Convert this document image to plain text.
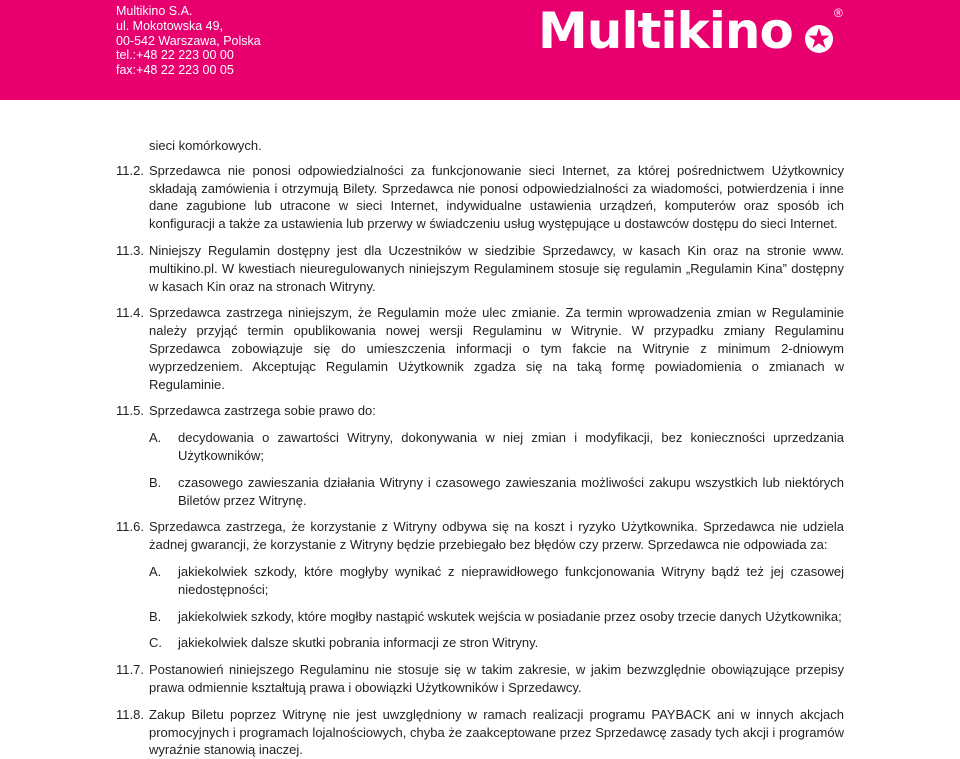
Multikino S.A.
ul. Mokotowska 49,
00-542 Warszawa, Polska
tel.:+48 22 223 00 00
fax:+48 22 223 00 05
Multikino	®

sieci komórkowych.

11.2. Sprzedawca nie ponosi odpowiedzialności za funkcjonowanie sieci Internet, za której pośrednictwem Użytkownicy składają zamówienia i otrzymują Bilety. Sprzedawca nie ponosi odpowiedzialności za wiadomości, potwierdzenia i inne dane zagubione lub utracone w sieci Internet, indywidualne ustawienia urządzeń, komputerów oraz sposób ich konfiguracji a także za ustawienia lub przerwy w świadczeniu usług występujące u dostawców dostępu do sieci Internet.
11.3. Niniejszy Regulamin dostępny jest dla Uczestników w siedzibie Sprzedawcy, w kasach Kin oraz na stronie www. multikino.pl. W kwestiach nieuregulowanych niniejszym Regulaminem stosuje się regulamin „Regulamin Kina” dostępny w kasach Kin oraz na stronach Witryny.
11.4. Sprzedawca zastrzega niniejszym, że Regulamin może ulec zmianie. Za termin wprowadzenia zmian w Regulaminie należy przyjąć termin opublikowania nowej wersji Regulaminu w Witrynie. W przypadku zmiany Regulaminu Sprzedawca zobowiązuje się do umieszczenia informacji o tym fakcie na Witrynie z minimum 2-dniowym wyprzedzeniem. Akceptując Regulamin Użytkownik zgadza się na taką formę powiadomienia o zmianach w Regulaminie.
11.5. Sprzedawca zastrzega sobie prawo do:
A. decydowania o zawartości Witryny, dokonywania w niej zmian i modyfikacji, bez konieczności uprzedzania Użytkowników;
B. czasowego zawieszania działania Witryny i czasowego zawieszania możliwości zakupu wszystkich lub niektórych Biletów przez Witrynę.
11.6. Sprzedawca zastrzega, że korzystanie z Witryny odbywa się na koszt i ryzyko Użytkownika. Sprzedawca nie udziela żadnej gwarancji, że korzystanie z Witryny będzie przebiegało bez błędów czy przerw. Sprzedawca nie odpowiada za:
A. jakiekolwiek szkody, które mogłyby wynikać z nieprawidłowego funkcjonowania Witryny bądź też jej czasowej niedostępności;
B. jakiekolwiek szkody, które mogłby nastąpić wskutek wejścia w posiadanie przez osoby trzecie danych Użytkownika;
C. jakiekolwiek dalsze skutki pobrania informacji ze stron Witryny.
11.7. Postanowień niniejszego Regulaminu nie stosuje się w takim zakresie, w jakim bezwzględnie obowiązujące przepisy prawa odmiennie kształtują prawa i obowiązki Użytkowników i Sprzedawcy.
11.8. Zakup Biletu poprzez Witrynę nie jest uwzględniony w ramach realizacji programu PAYBACK ani w innych akcjach promocyjnych i programach lojalnościowych, chyba że zaakceptowane przez Sprzedawcę zasady tych akcji i programów wyraźnie stanowią inaczej.
